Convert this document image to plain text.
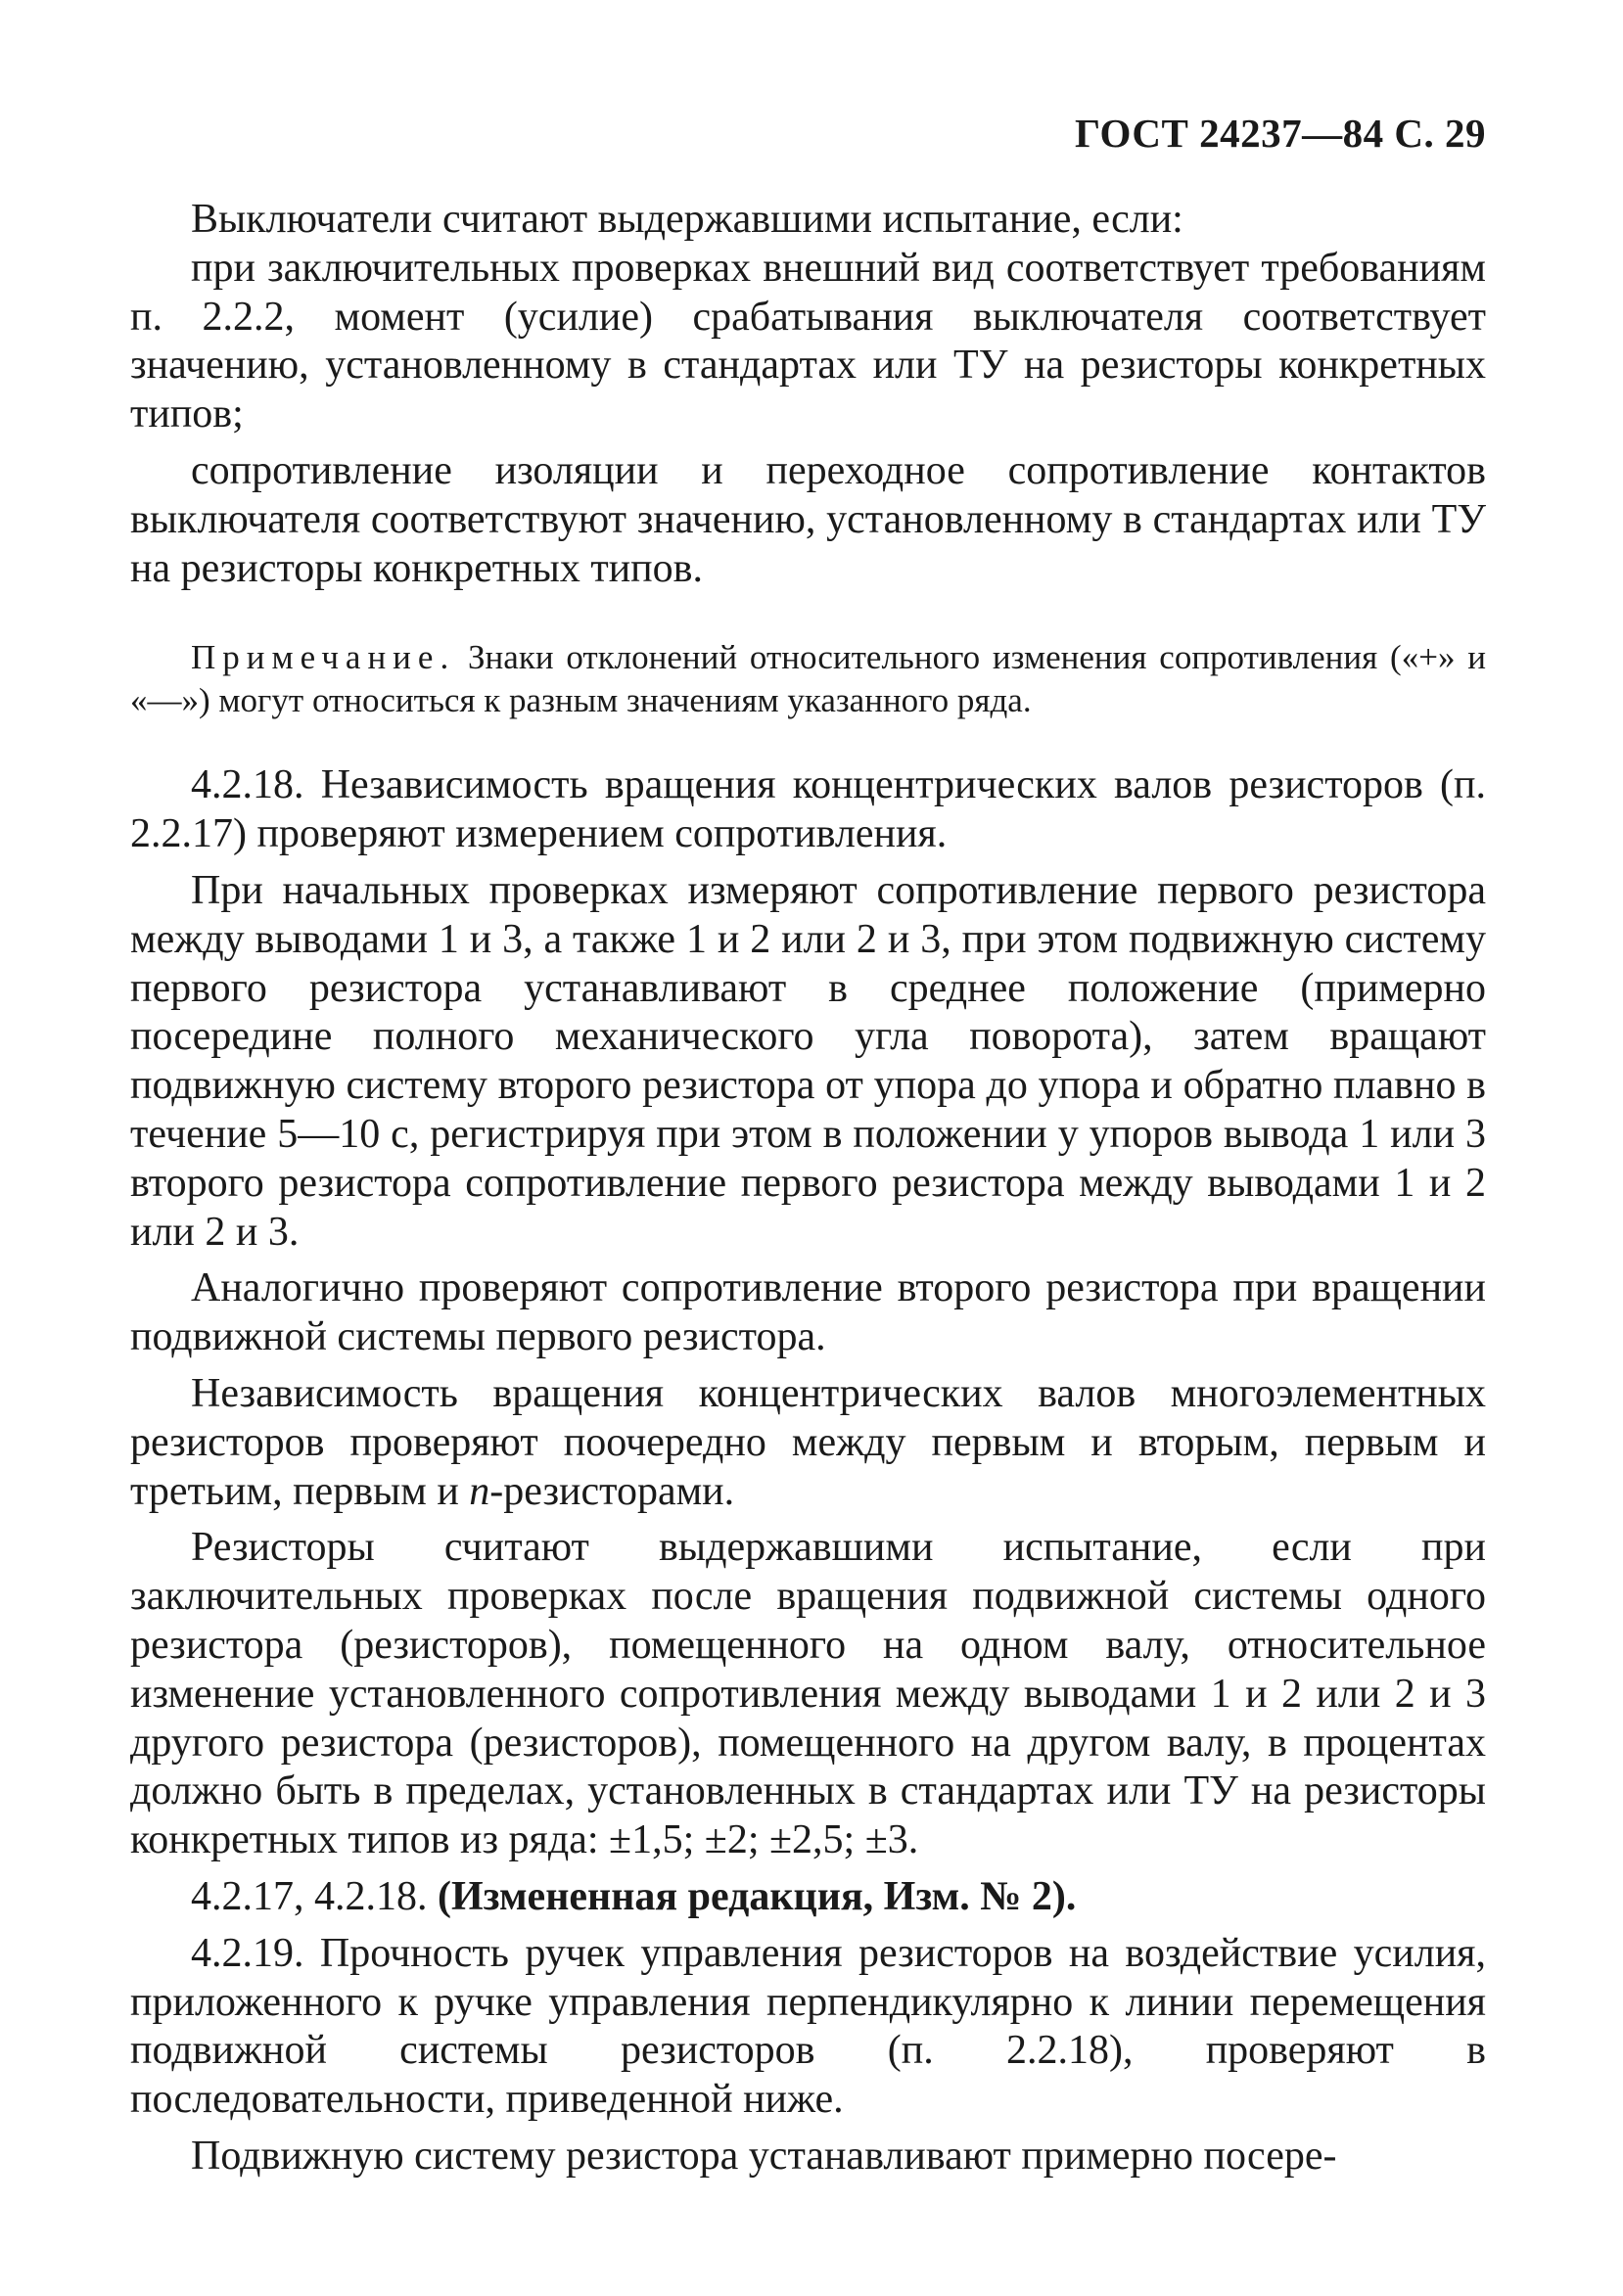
ГОСТ 24237—84 С. 29

Выключатели считают выдержавшими испытание, если:

при заключительных проверках внешний вид соответствует требованиям п. 2.2.2, момент (усилие) срабатывания выключателя соответствует значению, установленному в стандартах или ТУ на резисторы конкретных типов;

сопротивление изоляции и переходное сопротивление контактов выключателя соответствуют значению, установленному в стандартах или ТУ на резисторы конкретных типов.

Примечание. Знаки отклонений относительного изменения сопротивления («+» и «—») могут относиться к разным значениям указанного ряда.

4.2.18. Независимость вращения концентрических валов резисторов (п. 2.2.17) проверяют измерением сопротивления.

При начальных проверках измеряют сопротивление первого резистора между выводами 1 и 3, а также 1 и 2 или 2 и 3, при этом подвижную систему первого резистора устанавливают в среднее положение (примерно посередине полного механического угла поворота), затем вращают подвижную систему второго резистора от упора до упора и обратно плавно в течение 5—10 с, регистрируя при этом в положении у упоров вывода 1 или 3 второго резистора сопротивление первого резистора между выводами 1 и 2 или 2 и 3.

Аналогично проверяют сопротивление второго резистора при вращении подвижной системы первого резистора.

Независимость вращения концентрических валов многоэлементных резисторов проверяют поочередно между первым и вторым, первым и третьим, первым и n-резисторами.

Резисторы считают выдержавшими испытание, если при заключительных проверках после вращения подвижной системы одного резистора (резисторов), помещенного на одном валу, относительное изменение установленного сопротивления между выводами 1 и 2 или 2 и 3 другого резистора (резисторов), помещенного на другом валу, в процентах должно быть в пределах, установленных в стандартах или ТУ на резисторы конкретных типов из ряда: ±1,5; ±2; ±2,5; ±3.

4.2.17, 4.2.18. (Измененная редакция, Изм. № 2).

4.2.19. Прочность ручек управления резисторов на воздействие усилия, приложенного к ручке управления перпендикулярно к линии перемещения подвижной системы резисторов (п. 2.2.18), проверяют в последовательности, приведенной ниже.

Подвижную систему резистора устанавливают примерно посере-
